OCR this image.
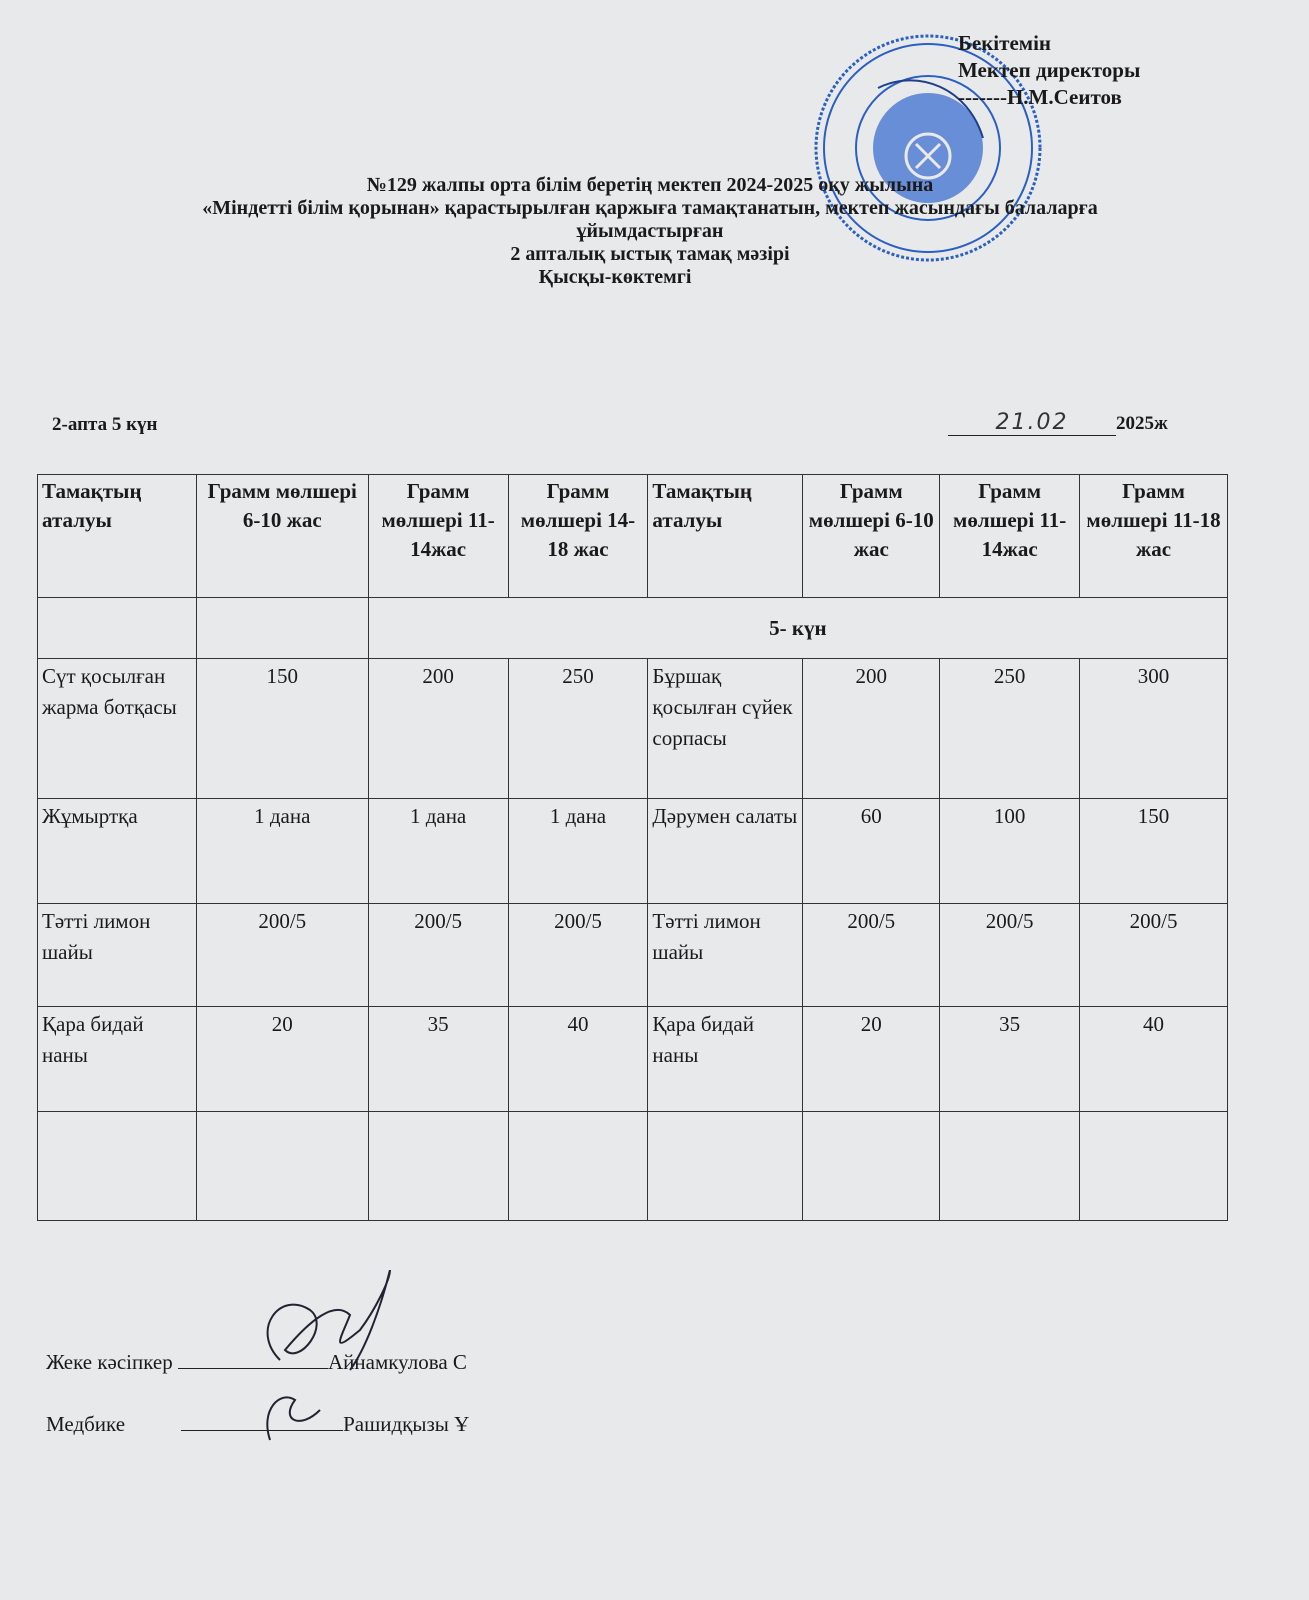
Бекітемін
Мектеп директоры
-------Н.М.Сеитов
№129 жалпы орта білім беретің мектеп 2024-2025 оқу жылына
«Міндетті білім қорынан» қарастырылған қаржыға тамақтанатын, мектеп жасындағы балаларға
ұйымдастырған
2 апталық ыстық тамақ мәзірі
Қысқы-көктемгі
2-апта 5 күн	21.02	2025ж
Тамақтың аталуы	Грамм мөлшері 6-10 жас	Грамм мөлшері 11-14жас	Грамм мөлшері 14-18 жас	Тамақтың аталуы	Грамм мөлшері 6-10 жас	Грамм мөлшері 11-14жас	Грамм мөлшері 11-18 жас
		5- күн					
Сүт қосылған жарма ботқасы	150	200	250	Бұршақ қосылған сүйек сорпасы	200	250	300
Жұмыртқа	1 дана	1 дана	1 дана	Дәрумен салаты	60	100	150
Тәтті лимон шайы	200/5	200/5	200/5	Тәтті лимон шайы	200/5	200/5	200/5
Қара бидай наны	20	35	40	Қара бидай наны	20	35	40

Жеке кәсіпкер	Айнамкулова С
Медбике	Рашидқызы Ұ
